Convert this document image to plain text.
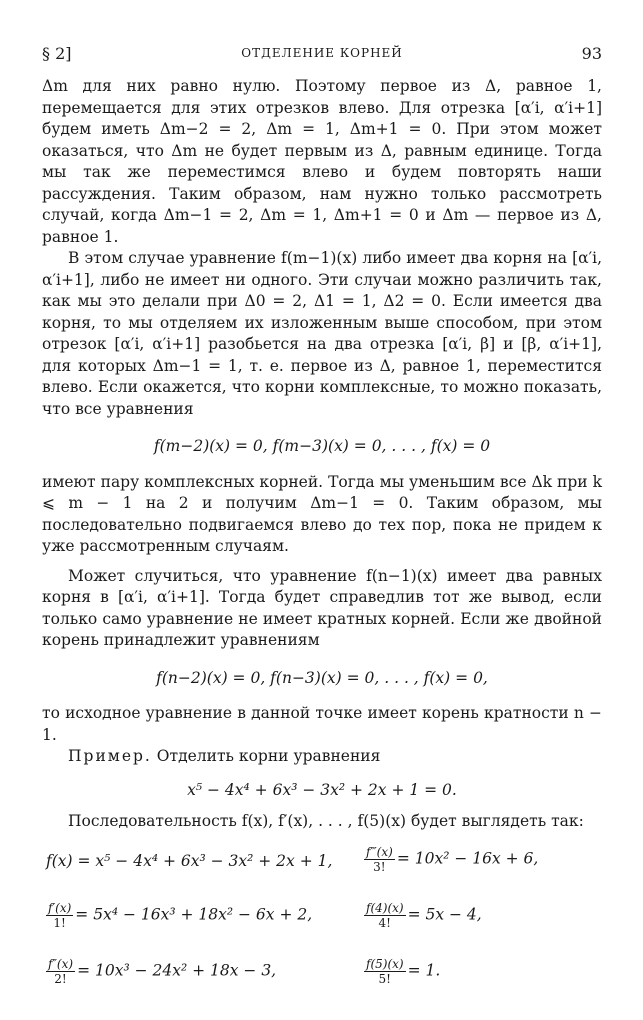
§ 2]	ОТДЕЛЕНИЕ КОРНЕЙ	93

Δm для них равно нулю. Поэтому первое из Δ, равное 1, перемещается для этих отрезков влево. Для отрезка [α′i, α′i+1] будем иметь Δm−2 = 2, Δm = 1, Δm+1 = 0. При этом может оказаться, что Δm не будет первым из Δ, равным единице. Тогда мы так же переместимся влево и будем повторять наши рассуждения. Таким образом, нам нужно только рассмотреть случай, когда Δm−1 = 2, Δm = 1, Δm+1 = 0 и Δm — первое из Δ, равное 1.

В этом случае уравнение f(m−1)(x) либо имеет два корня на [α′i, α′i+1], либо не имеет ни одного. Эти случаи можно различить так, как мы это делали при Δ0 = 2, Δ1 = 1, Δ2 = 0. Если имеется два корня, то мы отделяем их изложенным выше способом, при этом отрезок [α′i, α′i+1] разобьется на два отрезка [α′i, β] и [β, α′i+1], для которых Δm−1 = 1, т. е. первое из Δ, равное 1, переместится влево. Если окажется, что корни комплексные, то можно показать, что все уравнения

f(m−2)(x) = 0, f(m−3)(x) = 0, . . . , f(x) = 0

имеют пару комплексных корней. Тогда мы уменьшим все Δk при k ⩽ m − 1 на 2 и получим Δm−1 = 0. Таким образом, мы последовательно подвигаемся влево до тех пор, пока не придем к уже рассмотренным случаям.

Может случиться, что уравнение f(n−1)(x) имеет два равных корня в [α′i, α′i+1]. Тогда будет справедлив тот же вывод, если только само уравнение не имеет кратных корней. Если же двойной корень принадлежит уравнениям

f(n−2)(x) = 0, f(n−3)(x) = 0, . . . , f(x) = 0,

то исходное уравнение в данной точке имеет корень кратности n − 1.

Пример. Отделить корни уравнения

x⁵ − 4x⁴ + 6x³ − 3x² + 2x + 1 = 0.

Последовательность f(x), f′(x), . . . , f(5)(x) будет выглядеть так:

f(x) = x⁵ − 4x⁴ + 6x³ − 3x² + 2x + 1,	$\frac{f‴(x)}{3!} = 10x^2 - 16x + 6$,
$\frac{f'(x)}{1!} = 5x^4 - 16x^3 + 18x^2 - 6x + 2$,	$\frac{f(4)(x)}{4!} = 5x - 4$,
$\frac{f''(x)}{2!} = 10x^3 - 24x^2 + 18x - 3$,	$\frac{f(5)(x)}{5!} = 1$.
